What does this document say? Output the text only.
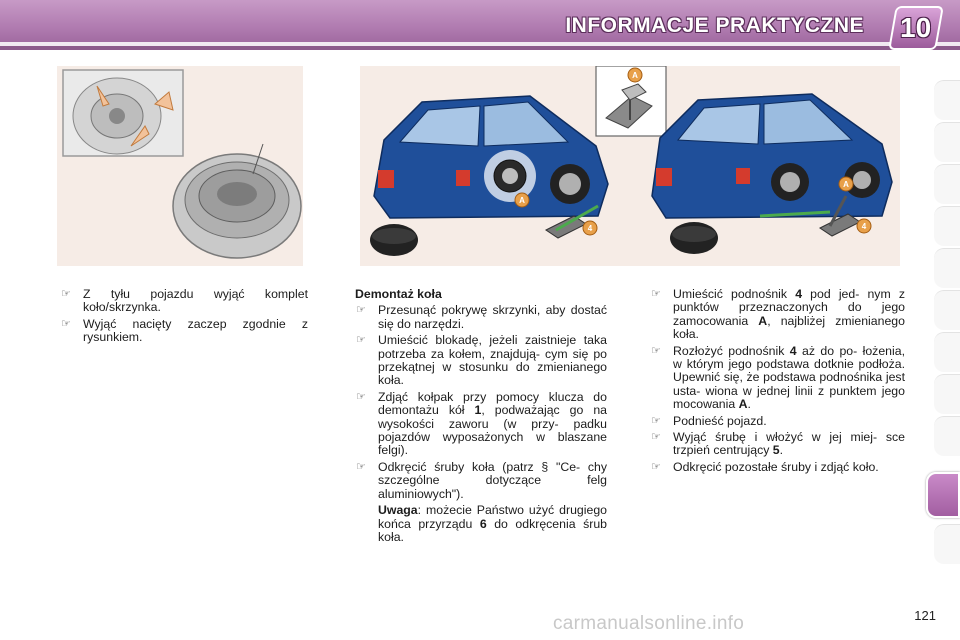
INFORMACJE PRAKTYCZNE 10
A
4
A
4
A
☞ Z tyłu pojazdu wyjąć komplet koło/skrzynka.
☞ Wyjąć nacięty zaczep zgodnie z rysunkiem.
Demontaż koła
☞ Przesunąć pokrywę skrzynki, aby dostać się do narzędzi.
☞ Umieścić blokadę, jeżeli zaistnieje taka potrzeba za kołem, znajdują- cym się po przekątnej w stosunku do zmienianego koła.
☞ Zdjąć kołpak przy pomocy klucza do demontażu kół 1, podważając go na wysokości zaworu (w przy- padku pojazdów wyposażonych w blaszane felgi).
☞ Odkręcić śruby koła (patrz § "Ce- chy szczególne dotyczące felg aluminiowych").
Uwaga: możecie Państwo użyć drugiego końca przyrządu 6 do odkręcenia śrub koła.
☞ Umieścić podnośnik 4 pod jed- nym z punktów przeznaczonych do jego zamocowania A, najbliżej zmienianego koła.
☞ Rozłożyć podnośnik 4 aż do po- łożenia, w którym jego podstawa dotknie podłoża. Upewnić się, że podstawa podnośnika jest usta- wiona w jednej linii z punktem jego mocowania A.
☞ Podnieść pojazd.
☞ Wyjąć śrubę i włożyć w jej miej- sce trzpień centrujący 5.
☞ Odkręcić pozostałe śruby i zdjąć koło.
carmanualsonline.info	121
